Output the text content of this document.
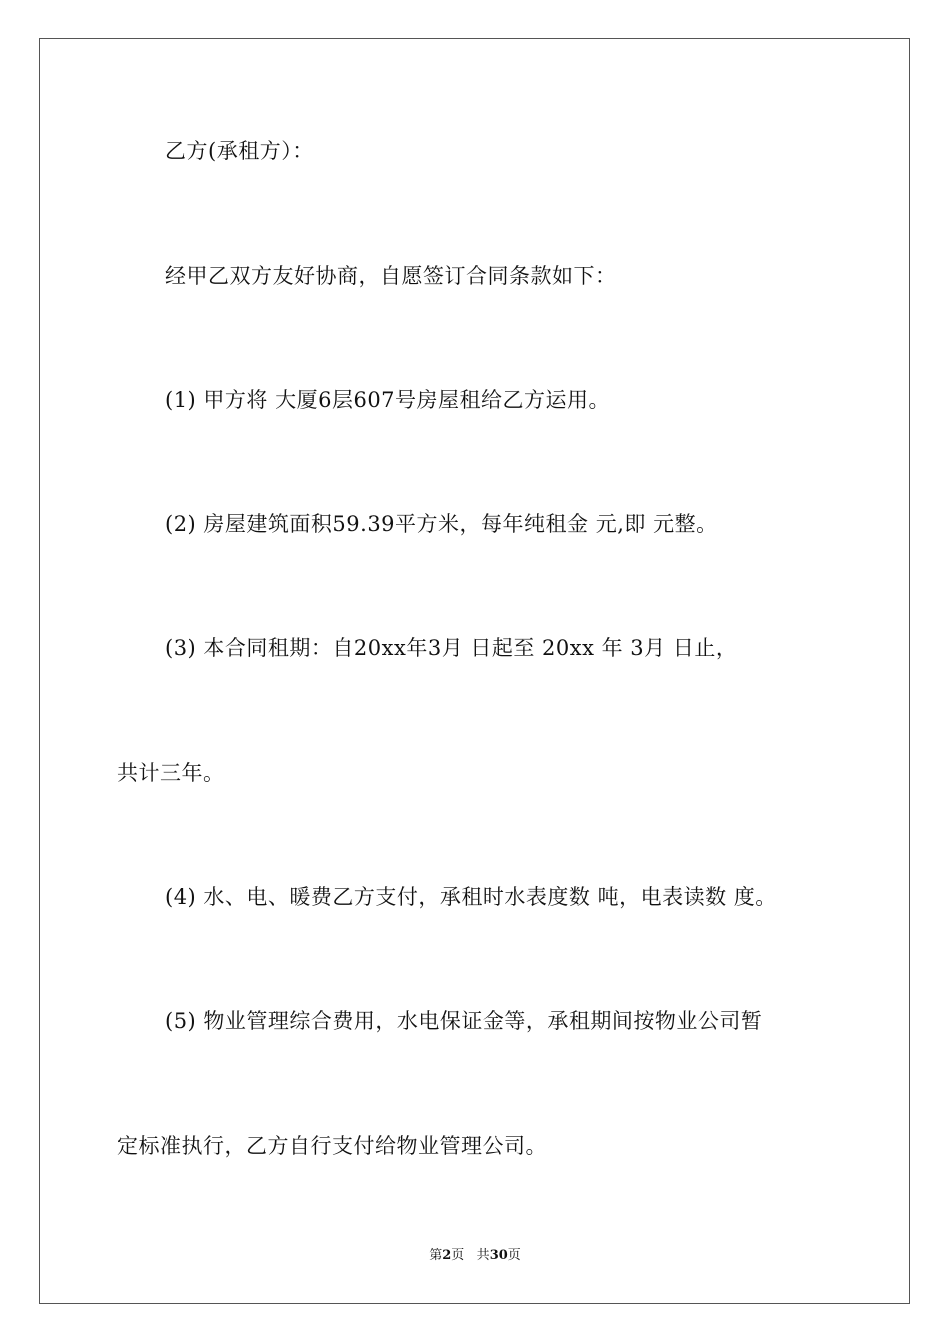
乙方(承租方）：
经甲乙双方友好协商，自愿签订合同条款如下：
(1) 甲方将 大厦6层607号房屋租给乙方运用。
(2) 房屋建筑面积59.39平方米，每年纯租金 元,即 元整。
(3) 本合同租期：自20xx年3月 日起至 20xx 年 3月 日止，
共计三年。
(4) 水、电、暖费乙方支付，承租时水表度数 吨，电表读数 度。
(5) 物业管理综合费用，水电保证金等，承租期间按物业公司暂
定标准执行，乙方自行支付给物业管理公司。
第2页 共30页
